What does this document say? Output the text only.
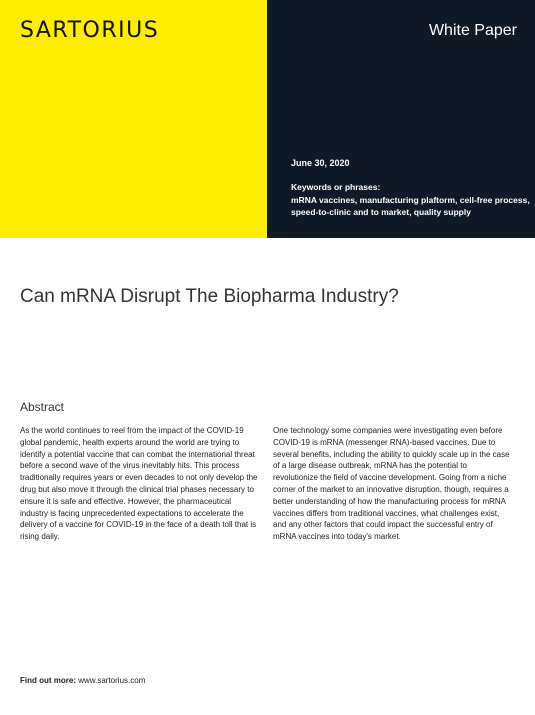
SARTORIUS	White Paper
June 30, 2020
Keywords or phrases:
mRNA vaccines, manufacturing plaftorm, cell-free process, speed-to-clinic and to market, quality supply
Can mRNA Disrupt The Biopharma Industry?
Abstract
As the world continues to reel from the impact of the COVID-19 global pandemic, health experts around the world are trying to identify a potential vaccine that can combat the international threat before a second wave of the virus inevitably hits. This process traditionally requires years or even decades to not only develop the drug but also move it through the clinical trial phases necessary to ensure it is safe and effective. However, the pharmaceutical industry is facing unprecedented expectations to accelerate the delivery of a vaccine for COVID-19 in the face of a death toll that is rising daily.
One technology some companies were investigating even before COVID-19 is mRNA (messenger RNA)-based vaccines. Due to several benefits, including the ability to quickly scale up in the case of a large disease outbreak, mRNA has the potential to revolutionize the field of vaccine development. Going from a niche corner of the market to an innovative disruption, though, requires a better understanding of how the manufacturing process for mRNA vaccines differs from traditional vaccines, what challenges exist, and any other factors that could impact the successful entry of mRNA vaccines into today's market.
Find out more: www.sartorius.com
